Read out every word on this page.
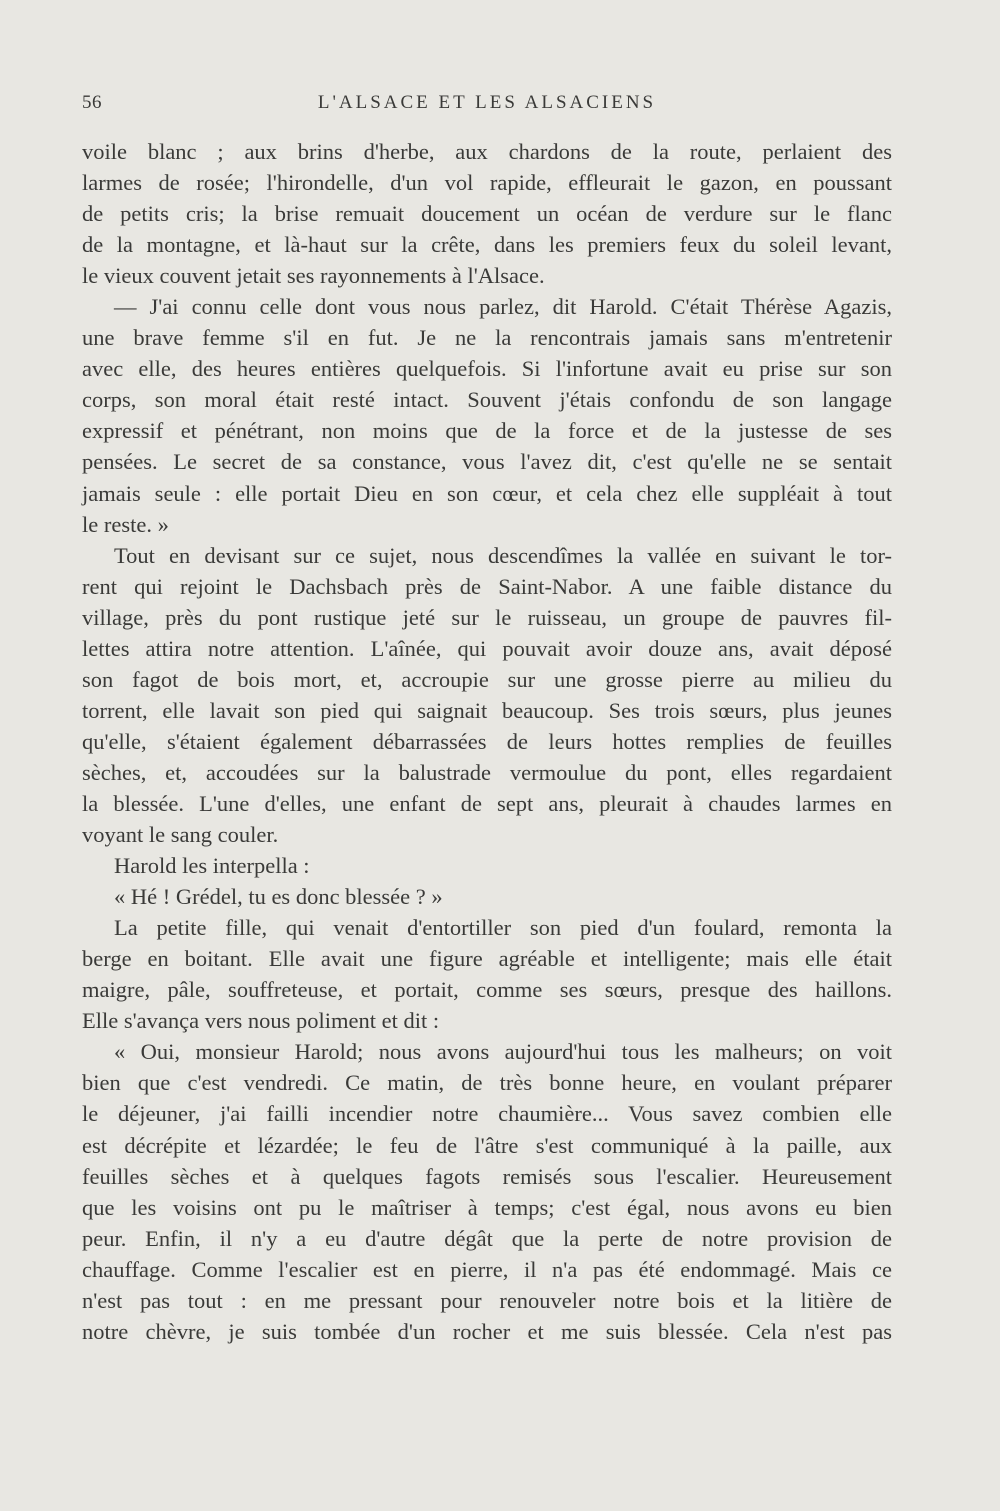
56	L'ALSACE ET LES ALSACIENS
voile blanc ; aux brins d'herbe, aux chardons de la route, perlaient des
larmes de rosée; l'hirondelle, d'un vol rapide, effleurait le gazon, en poussant
de petits cris; la brise remuait doucement un océan de verdure sur le flanc
de la montagne, et là-haut sur la crête, dans les premiers feux du soleil levant,
le vieux couvent jetait ses rayonnements à l'Alsace.
— J'ai connu celle dont vous nous parlez, dit Harold. C'était Thérèse Agazis,
une brave femme s'il en fut. Je ne la rencontrais jamais sans m'entretenir
avec elle, des heures entières quelquefois. Si l'infortune avait eu prise sur son
corps, son moral était resté intact. Souvent j'étais confondu de son langage
expressif et pénétrant, non moins que de la force et de la justesse de ses
pensées. Le secret de sa constance, vous l'avez dit, c'est qu'elle ne se sentait
jamais seule : elle portait Dieu en son cœur, et cela chez elle suppléait à tout
le reste. »
Tout en devisant sur ce sujet, nous descendîmes la vallée en suivant le tor-
rent qui rejoint le Dachsbach près de Saint-Nabor. A une faible distance du
village, près du pont rustique jeté sur le ruisseau, un groupe de pauvres fil-
lettes attira notre attention. L'aînée, qui pouvait avoir douze ans, avait déposé
son fagot de bois mort, et, accroupie sur une grosse pierre au milieu du
torrent, elle lavait son pied qui saignait beaucoup. Ses trois sœurs, plus jeunes
qu'elle, s'étaient également débarrassées de leurs hottes remplies de feuilles
sèches, et, accoudées sur la balustrade vermoulue du pont, elles regardaient
la blessée. L'une d'elles, une enfant de sept ans, pleurait à chaudes larmes en
voyant le sang couler.
Harold les interpella :
« Hé ! Grédel, tu es donc blessée ? »
La petite fille, qui venait d'entortiller son pied d'un foulard, remonta la
berge en boitant. Elle avait une figure agréable et intelligente; mais elle était
maigre, pâle, souffreteuse, et portait, comme ses sœurs, presque des haillons.
Elle s'avança vers nous poliment et dit :
« Oui, monsieur Harold; nous avons aujourd'hui tous les malheurs; on voit
bien que c'est vendredi. Ce matin, de très bonne heure, en voulant préparer
le déjeuner, j'ai failli incendier notre chaumière... Vous savez combien elle
est décrépite et lézardée; le feu de l'âtre s'est communiqué à la paille, aux
feuilles sèches et à quelques fagots remisés sous l'escalier. Heureusement
que les voisins ont pu le maîtriser à temps; c'est égal, nous avons eu bien
peur. Enfin, il n'y a eu d'autre dégât que la perte de notre provision de
chauffage. Comme l'escalier est en pierre, il n'a pas été endommagé. Mais ce
n'est pas tout : en me pressant pour renouveler notre bois et la litière de
notre chèvre, je suis tombée d'un rocher et me suis blessée. Cela n'est pas
